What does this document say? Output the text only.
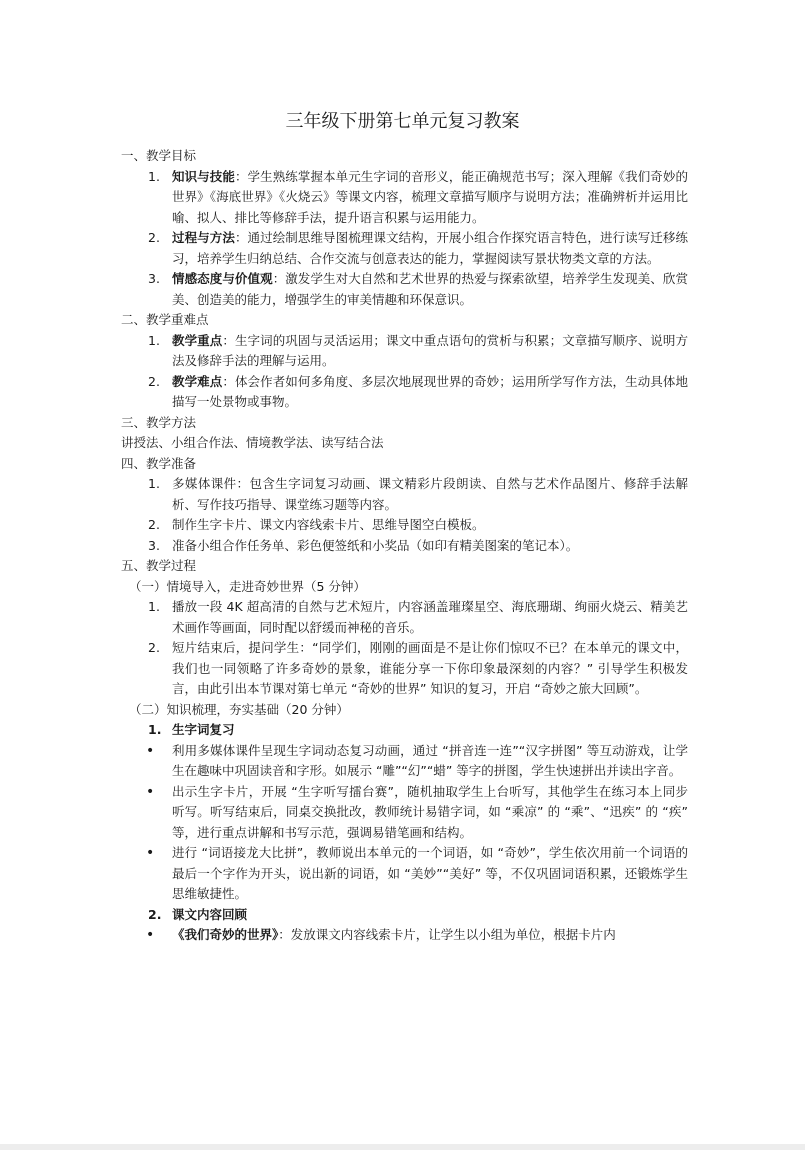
三年级下册第七单元复习教案
一、教学目标
1. 知识与技能：学生熟练掌握本单元生字词的音形义，能正确规范书写；深入理解《我们奇妙的世界》《海底世界》《火烧云》等课文内容，梳理文章描写顺序与说明方法；准确辨析并运用比喻、拟人、排比等修辞手法，提升语言积累与运用能力。
2. 过程与方法：通过绘制思维导图梳理课文结构，开展小组合作探究语言特色，进行读写迁移练习，培养学生归纳总结、合作交流与创意表达的能力，掌握阅读写景状物类文章的方法。
3. 情感态度与价值观：激发学生对大自然和艺术世界的热爱与探索欲望，培养学生发现美、欣赏美、创造美的能力，增强学生的审美情趣和环保意识。
二、教学重难点
1. 教学重点：生字词的巩固与灵活运用；课文中重点语句的赏析与积累；文章描写顺序、说明方法及修辞手法的理解与运用。
2. 教学难点：体会作者如何多角度、多层次地展现世界的奇妙；运用所学写作方法，生动具体地描写一处景物或事物。
三、教学方法
讲授法、小组合作法、情境教学法、读写结合法
四、教学准备
1. 多媒体课件：包含生字词复习动画、课文精彩片段朗读、自然与艺术作品图片、修辞手法解析、写作技巧指导、课堂练习题等内容。
2. 制作生字卡片、课文内容线索卡片、思维导图空白模板。
3. 准备小组合作任务单、彩色便签纸和小奖品（如印有精美图案的笔记本）。
五、教学过程
（一）情境导入，走进奇妙世界（5 分钟）
1. 播放一段 4K 超高清的自然与艺术短片，内容涵盖璀璨星空、海底珊瑚、绚丽火烧云、精美艺术画作等画面，同时配以舒缓而神秘的音乐。
2. 短片结束后，提问学生：“同学们，刚刚的画面是不是让你们惊叹不已？在本单元的课文中，我们也一同领略了许多奇妙的景象，谁能分享一下你印象最深刻的内容？” 引导学生积极发言，由此引出本节课对第七单元 “奇妙的世界” 知识的复习，开启 “奇妙之旅大回顾”。
（二）知识梳理，夯实基础（20 分钟）
1. 生字词复习
• 利用多媒体课件呈现生字词动态复习动画，通过 “拼音连一连”“汉字拼图” 等互动游戏，让学生在趣味中巩固读音和字形。如展示 “雕”“幻”“蜡” 等字的拼图，学生快速拼出并读出字音。
• 出示生字卡片，开展 “生字听写擂台赛”，随机抽取学生上台听写，其他学生在练习本上同步听写。听写结束后，同桌交换批改，教师统计易错字词，如 “乘凉” 的 “乘”、“迅疾” 的 “疾” 等，进行重点讲解和书写示范，强调易错笔画和结构。
• 进行 “词语接龙大比拼”，教师说出本单元的一个词语，如 “奇妙”，学生依次用前一个词语的最后一个字作为开头，说出新的词语，如 “美妙”“美好” 等，不仅巩固词语积累，还锻炼学生思维敏捷性。
2. 课文内容回顾
• 《我们奇妙的世界》：发放课文内容线索卡片，让学生以小组为单位，根据卡片内
